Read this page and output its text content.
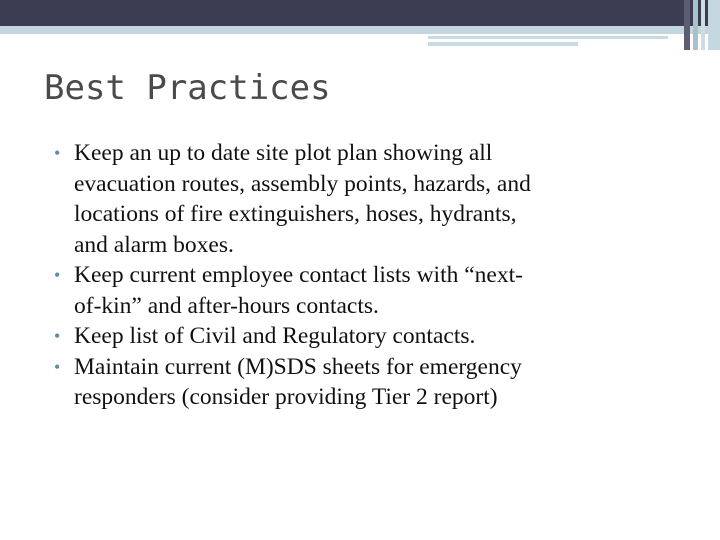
Best Practices
• Keep an up to date site plot plan showing all
evacuation routes, assembly points, hazards, and
locations of fire extinguishers, hoses, hydrants,
and alarm boxes.
• Keep current employee contact lists with “next-
of-kin” and after-hours contacts.
• Keep list of Civil and Regulatory contacts.
• Maintain current (M)SDS sheets for emergency
responders (consider providing Tier 2 report)
